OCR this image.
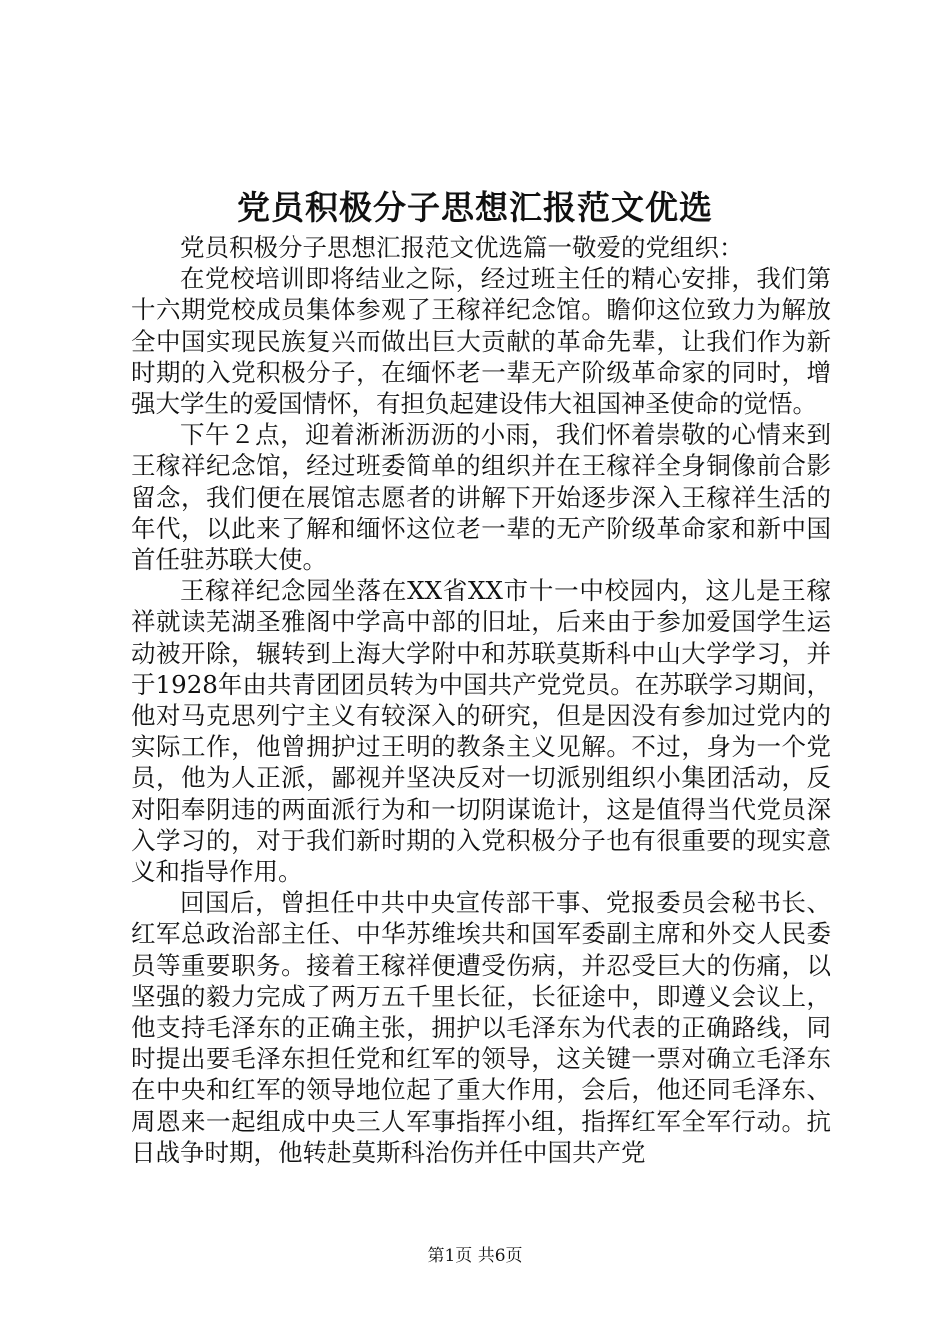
党员积极分子思想汇报范文优选

党员积极分子思想汇报范文优选篇一敬爱的党组织：

在党校培训即将结业之际，经过班主任的精心安排，我们第十六期党校成员集体参观了王稼祥纪念馆。瞻仰这位致力为解放全中国实现民族复兴而做出巨大贡献的革命先辈，让我们作为新时期的入党积极分子，在缅怀老一辈无产阶级革命家的同时，增强大学生的爱国情怀，有担负起建设伟大祖国神圣使命的觉悟。

下午２点，迎着淅淅沥沥的小雨，我们怀着崇敬的心情来到王稼祥纪念馆，经过班委简单的组织并在王稼祥全身铜像前合影留念，我们便在展馆志愿者的讲解下开始逐步深入王稼祥生活的年代，以此来了解和缅怀这位老一辈的无产阶级革命家和新中国首任驻苏联大使。

王稼祥纪念园坐落在XX省XX市十一中校园内，这儿是王稼祥就读芜湖圣雅阁中学高中部的旧址，后来由于参加爱国学生运动被开除，辗转到上海大学附中和苏联莫斯科中山大学学习，并于1928年由共青团团员转为中国共产党党员。在苏联学习期间，他对马克思列宁主义有较深入的研究，但是因没有参加过党内的实际工作，他曾拥护过王明的教条主义见解。不过，身为一个党员，他为人正派，鄙视并坚决反对一切派别组织小集团活动，反对阳奉阴违的两面派行为和一切阴谋诡计，这是值得当代党员深入学习的，对于我们新时期的入党积极分子也有很重要的现实意义和指导作用。

回国后，曾担任中共中央宣传部干事、党报委员会秘书长、红军总政治部主任、中华苏维埃共和国军委副主席和外交人民委员等重要职务。接着王稼祥便遭受伤病，并忍受巨大的伤痛，以坚强的毅力完成了两万五千里长征，长征途中，即遵义会议上，他支持毛泽东的正确主张，拥护以毛泽东为代表的正确路线，同时提出要毛泽东担任党和红军的领导，这关键一票对确立毛泽东在中央和红军的领导地位起了重大作用，会后，他还同毛泽东、周恩来一起组成中央三人军事指挥小组，指挥红军全军行动。抗日战争时期，他转赴莫斯科治伤并任中国共产党

第1页 共6页
